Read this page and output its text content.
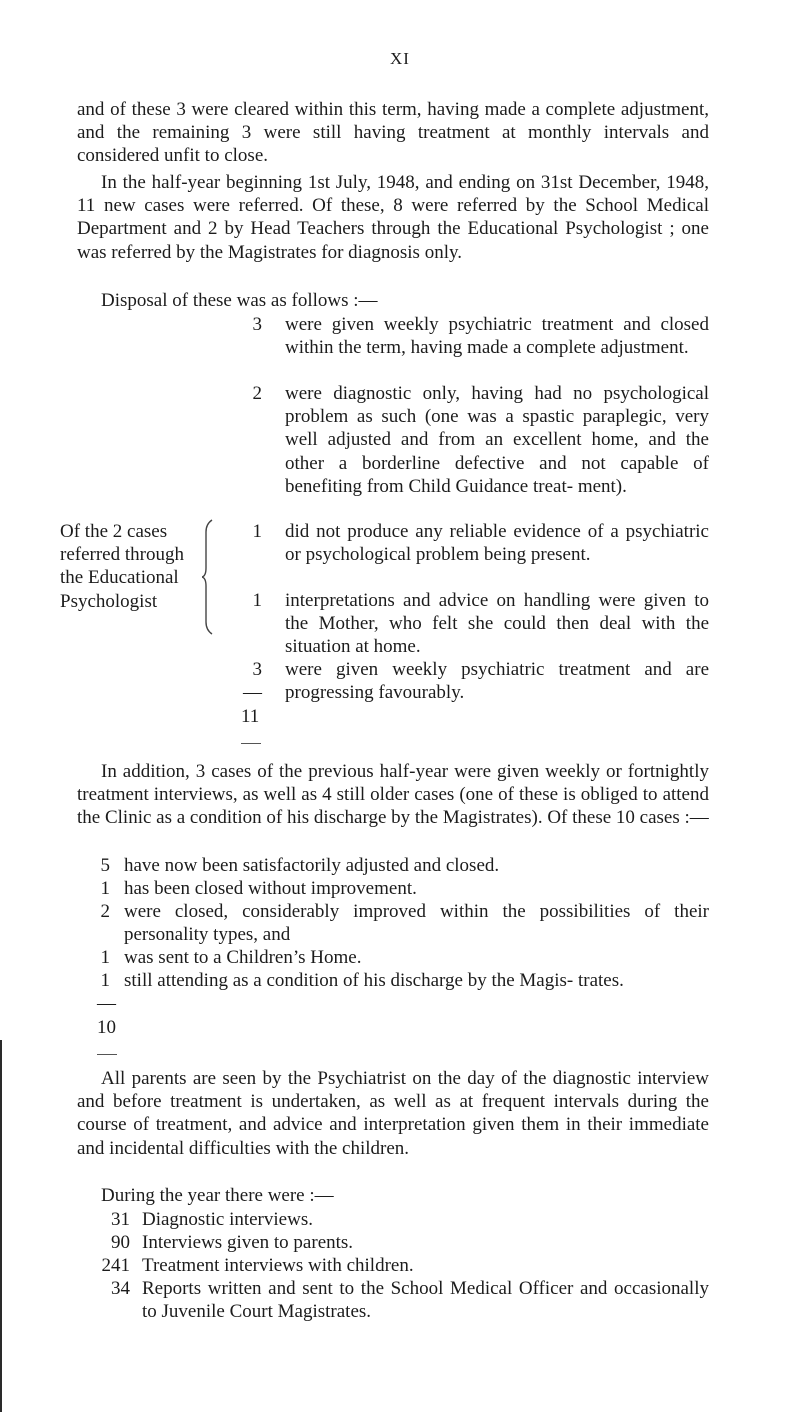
XI

and of these 3 were cleared within this term, having made a complete adjustment, and the remaining 3 were still having treatment at monthly intervals and considered unfit to close.

In the half-year beginning 1st July, 1948, and ending on 31st December, 1948, 11 new cases were referred. Of these, 8 were referred by the School Medical Department and 2 by Head Teachers through the Educational Psychologist ; one was referred by the Magistrates for diagnosis only.

Disposal of these was as follows :—

3 were given weekly psychiatric treatment and closed within the term, having made a complete adjustment.
2 were diagnostic only, having had no psychological problem as such (one was a spastic paraplegic, very well adjusted and from an excellent home, and the other a borderline defective and not capable of benefiting from Child Guidance treat- ment).
1 did not produce any reliable evidence of a psychiatric or psychological problem being present.
1 interpretations and advice on handling were given to the Mother, who felt she could then deal with the situation at home.
3 were given weekly psychiatric treatment and are progressing favourably.
Of the 2 cases referred through the Educational Psychologist
—
11

In addition, 3 cases of the previous half-year were given weekly or fortnightly treatment interviews, as well as 4 still older cases (one of these is obliged to attend the Clinic as a condition of his discharge by the Magistrates). Of these 10 cases :—

5 have now been satisfactorily adjusted and closed.
1 has been closed without improvement.
2 were closed, considerably improved within the possibilities of their personality types, and
1 was sent to a Children’s Home.
1 still attending as a condition of his discharge by the Magis- trates.
—
10

All parents are seen by the Psychiatrist on the day of the diagnostic interview and before treatment is undertaken, as well as at frequent intervals during the course of treatment, and advice and interpretation given them in their immediate and incidental difficulties with the children.

During the year there were :—

31 Diagnostic interviews.
90 Interviews given to parents.
241 Treatment interviews with children.
34 Reports written and sent to the School Medical Officer and occasionally to Juvenile Court Magistrates.
